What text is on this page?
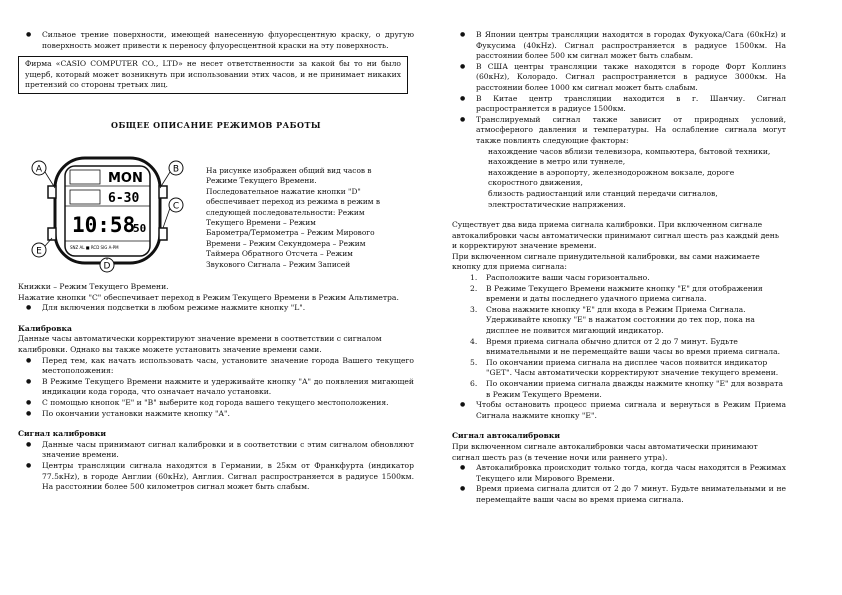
● Сильное трение поверхности, имеющей нанесенную флуоресцентную краску, о другую поверхность может привести к переносу флуоресцентной краски на эту поверхность.
Фирма «CASIO COMPUTER CO., LTD» не несет ответственности за какой бы то ни было ущерб, который может возникнуть при использовании этих часов, и не принимает никаких претензий со стороны третьих лиц.
ОБЩЕЕ ОПИСАНИЕ РЕЖИМОВ РАБОТЫ
MON
6-30
10:58
50
SNZ AL ■ RCD SIG A-PM
A	B
C
E
D
На рисунке изображен общий вид часов в
Режиме Текущего Времени.
Последовательное нажатие кнопки "D"
обеспечивает переход из режима в режим в
следующей последовательности: Режим
Текущего Времени – Режим
Барометра/Термометра – Режим Мирового
Времени – Режим Секундомера – Режим
Таймера Обратного Отсчета – Режим
Звукового Сигнала – Режим Записей
Книжки – Режим Текущего Времени.
Нажатие кнопки "C" обеспечивает переход в Режим Текущего Времени в Режим Альтиметра.
● Для включения подсветки в любом режиме нажмите кнопку "L".
Калибровка
Данные часы автоматически корректируют значение времени в соответствии с сигналом калибровки. Однако вы также можете установить значение времени сами.
● Перед тем, как начать использовать часы, установите значение города Вашего текущего местоположения:
● В Режиме Текущего Времени нажмите и удерживайте кнопку "A" до появления мигающей индикации кода города, что означает начало установки.
● С помощью кнопок "E" и "B" выберите код города вашего текущего местоположения.
● По окончании установки нажмите кнопку "A".
Сигнал калибровки
● Данные часы принимают сигнал калибровки и в соответствии с этим сигналом обновляют значение времени.
● Центры трансляции сигнала находятся в Германии, в 25км от Франкфурта (индикатор 77.5кHz), в городе Англии (60кHz), Англия. Сигнал распространяется в радиусе 1500км. На расстоянии более 500 километров сигнал может быть слабым.
● В Японии центры трансляции находятся в городах Фукуока/Сага (60кHz) и Фукусима (40кHz). Сигнал распространяется в радиусе 1500км. На расстоянии более 500 км сигнал может быть слабым.
● В США центры трансляции также находятся в городе Форт Коллинз (60кHz), Колорадо. Сигнал распространяется в радиусе 3000км. На расстоянии более 1000 км сигнал может быть слабым.
● В Китае центр трансляции находится в г. Шанчиу. Сигнал распространяется в радиусе 1500км.
● Транслируемый сигнал также зависит от природных условий, атмосферного давления и температуры. На ослабление сигнала могут также повлиять следующие факторы:
нахождение часов вблизи телевизора, компьютера, бытовой техники,
нахождение в метро или туннеле,
нахождение в аэропорту, железнодорожном вокзале, дороге скоростного движения,
близость радиостанций или станций передачи сигналов,
электростатические напряжения.
Существует два вида приема сигнала калибровки. При включенном сигнале автокалибровки часы автоматически принимают сигнал шесть раз каждый день и корректируют значение времени.
При включенном сигнале принудительной калибровки, вы сами нажимаете кнопку для приема сигнала:
1. Расположите ваши часы горизонтально.
2. В Режиме Текущего Времени нажмите кнопку "E" для отображения времени и даты последнего удачного приема сигнала.
3. Снова нажмите кнопку "E" для входа в Режим Приема Сигнала. Удерживайте кнопку "E" в нажатом состоянии до тех пор, пока на дисплее не появится мигающий индикатор.
4. Время приема сигнала обычно длится от 2 до 7 минут. Будьте внимательными и не перемещайте ваши часы во время приема сигнала.
5. По окончании приема сигнала на дисплее часов появится индикатор "GET". Часы автоматически корректируют значение текущего времени.
6. По окончании приема сигнала дважды нажмите кнопку "E" для возврата в Режим Текущего Времени.
● Чтобы остановить процесс приема сигнала и вернуться в Режим Приема Сигнала нажмите кнопку "E".
Сигнал автокалибровки
При включенном сигнале автокалибровки часы автоматически принимают сигнал шесть раз (в течение ночи или раннего утра).
● Автокалибровка происходит только тогда, когда часы находятся в Режимах Текущего или Мирового Времени.
● Время приема сигнала длится от 2 до 7 минут. Будьте внимательными и не перемещайте ваши часы во время приема сигнала.
